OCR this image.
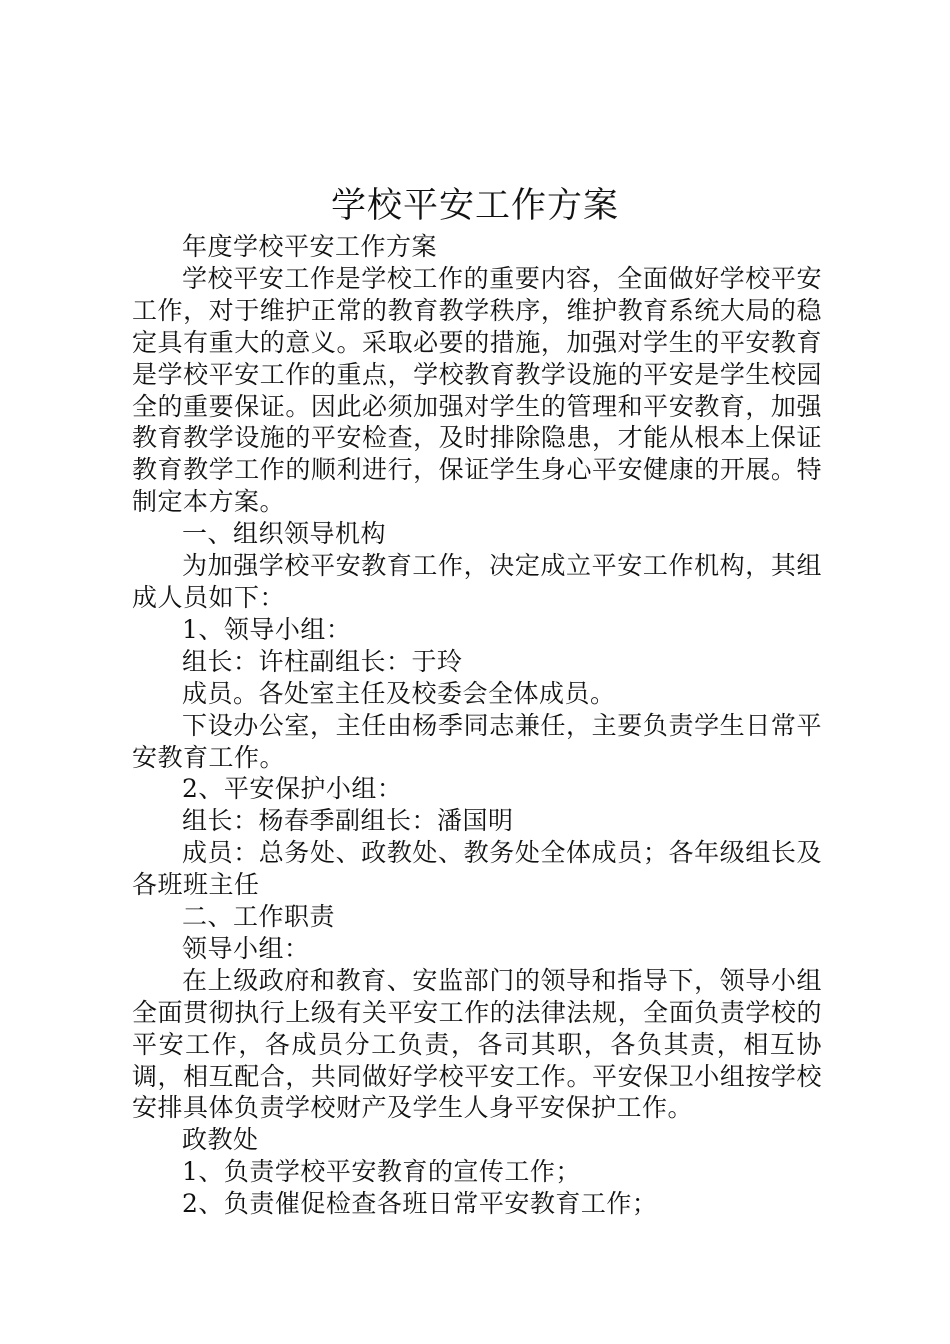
学校平安工作方案

年度学校平安工作方案

学校平安工作是学校工作的重要内容，全面做好学校平安工作，对于维护正常的教育教学秩序，维护教育系统大局的稳定具有重大的意义。采取必要的措施，加强对学生的平安教育是学校平安工作的重点，学校教育教学设施的平安是学生校园全的重要保证。因此必须加强对学生的管理和平安教育，加强教育教学设施的平安检查，及时排除隐患，才能从根本上保证教育教学工作的顺利进行，保证学生身心平安健康的开展。特制定本方案。

一、组织领导机构

为加强学校平安教育工作，决定成立平安工作机构，其组成人员如下：

1、领导小组：

组长：许柱副组长：于玲

成员。各处室主任及校委会全体成员。

下设办公室，主任由杨季同志兼任，主要负责学生日常平安教育工作。

2、平安保护小组：

组长：杨春季副组长：潘国明

成员：总务处、政教处、教务处全体成员；各年级组长及各班班主任

二、工作职责

领导小组：

在上级政府和教育、安监部门的领导和指导下，领导小组全面贯彻执行上级有关平安工作的法律法规，全面负责学校的平安工作，各成员分工负责，各司其职，各负其责，相互协调，相互配合，共同做好学校平安工作。平安保卫小组按学校安排具体负责学校财产及学生人身平安保护工作。

政教处

1、负责学校平安教育的宣传工作；

2、负责催促检查各班日常平安教育工作；
